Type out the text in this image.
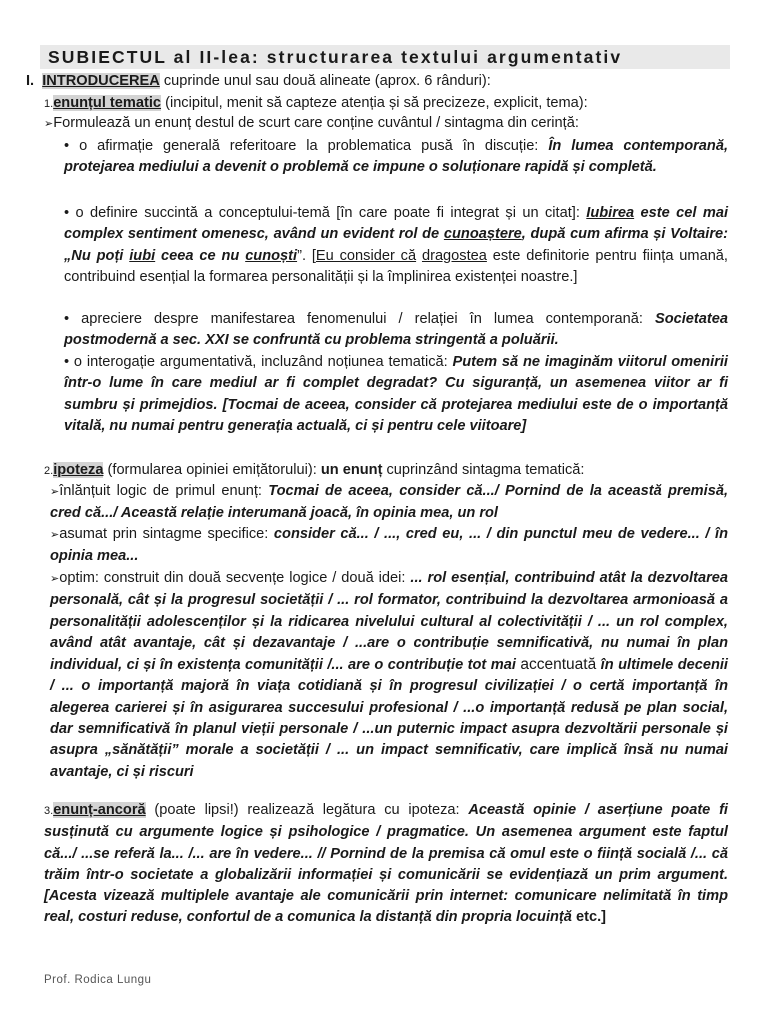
SUBIECTUL al II-lea: structurarea textului argumentativ
I. INTRODUCEREA cuprinde unul sau două alineate (aprox. 6 rânduri):
1.enunțul tematic (incipitul, menit să capteze atenția și să precizeze, explicit, tema):
➢Formulează un enunț destul de scurt care conține cuvântul / sintagma din cerință:
• o afirmație generală referitoare la problematica pusă în discuție: În lumea contemporană, protejarea mediului a devenit o problemă ce impune o soluționare rapidă și completă.
• o definire succintă a conceptului-temă [în care poate fi integrat și un citat]: Iubirea este cel mai complex sentiment omenesc, având un evident rol de cunoaștere, după cum afirma și Voltaire: „Nu poți iubi ceea ce nu cunoști”. [Eu consider că dragostea este definitorie pentru ființa umană, contribuind esențial la formarea personalității și la împlinirea existenței noastre.]
• apreciere despre manifestarea fenomenului / relației în lumea contemporană: Societatea postmodernă a sec. XXI se confruntă cu problema stringentă a poluării.
• o interogație argumentativă, incluzând noțiunea tematică: Putem să ne imaginăm viitorul omenirii într-o lume în care mediul ar fi complet degradat? Cu siguranță, un asemenea viitor ar fi sumbru și primejdios. [Tocmai de aceea, consider că protejarea mediului este de o importanță vitală, nu numai pentru generația actuală, ci și pentru cele viitoare]
2.ipoteza (formularea opiniei emițătorului): un enunț cuprinzând sintagma tematică:
➢înlănțuit logic de primul enunț: Tocmai de aceea, consider că.../ Pornind de la această premisă, cred că.../ Această relație interumană joacă, în opinia mea, un rol
➢asumat prin sintagme specifice: consider că... / ..., cred eu, ... / din punctul meu de vedere... / în opinia mea...
➢optim: construit din două secvențe logice / două idei: ... rol esențial, contribuind atât la dezvoltarea personală, cât și la progresul societății / ... rol formator, contribuind la dezvoltarea armonioasă a personalității adolescenților și la ridicarea nivelului cultural al colectivității / ... un rol complex, având atât avantaje, cât și dezavantaje / ...are o contribuție semnificativă, nu numai în plan individual, ci și în existența comunității /... are o contribuție tot mai accentuată în ultimele decenii / ... o importanță majoră în viața cotidiană și în progresul civilizației / o certă importanță în alegerea carierei și în asigurarea succesului profesional / ...o importanță redusă pe plan social, dar semnificativă în planul vieții personale / ...un puternic impact asupra dezvoltării personale și asupra „sănătății” morale a societății / ... un impact semnificativ, care implică însă nu numai avantaje, ci și riscuri
3.enunț-ancoră (poate lipsi!) realizează legătura cu ipoteza: Această opinie / aserțiune poate fi susținută cu argumente logice și psihologice / pragmatice. Un asemenea argument este faptul că.../ ...se referă la... /... are în vedere... // Pornind de la premisa că omul este o ființă socială /... că trăim într-o societate a globalizării informației și comunicării se evidențiază un prim argument. [Acesta vizează multiplele avantaje ale comunicării prin internet: comunicare nelimitată în timp real, costuri reduse, confortul de a comunica la distanță din propria locuință etc.]
Prof. Rodica Lungu
